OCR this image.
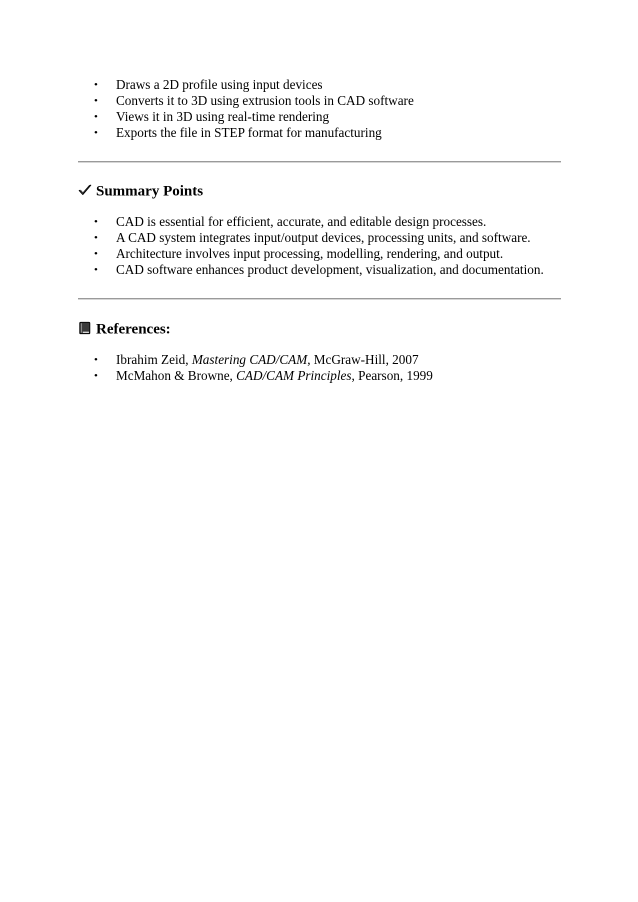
•	Draws a 2D profile using input devices
•	Converts it to 3D using extrusion tools in CAD software
•	Views it in 3D using real-time rendering
•	Exports the file in STEP format for manufacturing
Summary Points
•	CAD is essential for efficient, accurate, and editable design processes.
•	A CAD system integrates input/output devices, processing units, and software.
•	Architecture involves input processing, modelling, rendering, and output.
•	CAD software enhances product development, visualization, and documentation.
References:
•	Ibrahim Zeid, Mastering CAD/CAM, McGraw-Hill, 2007
•	McMahon & Browne, CAD/CAM Principles, Pearson, 1999
